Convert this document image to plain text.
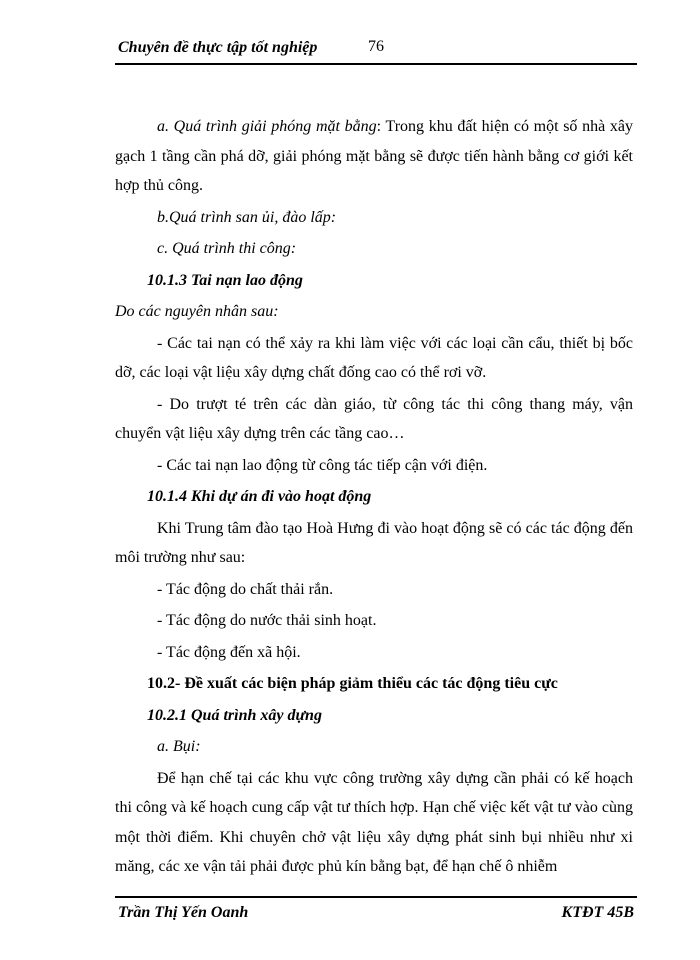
Chuyên đề thực tập tốt nghiệp	76

a. Quá trình giải phóng mặt bằng: Trong khu đất hiện có một số nhà xây gạch 1 tầng cần phá dỡ, giải phóng mặt bằng sẽ được tiến hành bằng cơ giới kết hợp thủ công.

b.Quá trình san ủi, đào lấp:

c. Quá trình thi công:

10.1.3 Tai nạn lao động

Do các nguyên nhân sau:

- Các tai nạn có thể xảy ra khi làm việc với các loại cần cẩu, thiết bị bốc dỡ, các loại vật liệu xây dựng chất đống cao có thể rơi vỡ.

- Do trượt té trên các dàn giáo, từ công tác thi công thang máy, vận chuyển vật liệu xây dựng trên các tầng cao…

- Các tai nạn lao động từ công tác tiếp cận với điện.

10.1.4 Khi dự án đi vào hoạt động

Khi Trung tâm đào tạo Hoà Hưng đi vào hoạt động sẽ có các tác động đến môi trường như sau:

- Tác động do chất thải rắn.

- Tác động do nước thải sinh hoạt.

- Tác động đến xã hội.

10.2- Đề xuất các biện pháp giảm thiểu các tác động tiêu cực

10.2.1 Quá trình xây dựng

a. Bụi:

Để hạn chế tại các khu vực công trường xây dựng cần phải có kế hoạch thi công và kế hoạch cung cấp vật tư thích hợp. Hạn chế việc kết vật tư vào cùng một thời điểm. Khi chuyên chở vật liệu xây dựng phát sinh bụi nhiều như xi măng, các xe vận tải phải được phủ kín bằng bạt, để hạn chế ô nhiễm

Trần Thị Yến Oanh	KTĐT 45B
